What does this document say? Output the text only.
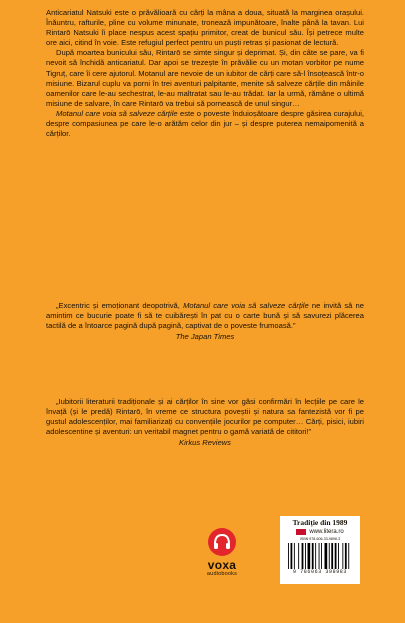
Anticariatul Natsuki este o prăvălioară cu cărți la mâna a doua, situată la marginea orașului. Înăuntru, rafturile, pline cu volume minunate, tronează impunătoare, înalte până la tavan. Lui Rintarō Natsuki îi place nespus acest spațiu primitor, creat de bunicul său. Își petrece multe ore aici, citind în voie. Este refugiul perfect pentru un puști retras și pasionat de lectură.

După moartea bunicului său, Rintarō se simte singur și deprimat. Și, din câte se pare, va fi nevoit să închidă anticariatul. Dar apoi se trezește în prăvălie cu un motan vorbitor pe nume Tigruț, care îi cere ajutorul. Motanul are nevoie de un iubitor de cărți care să-l însoțească într-o misiune. Bizarul cuplu va porni în trei aventuri palpitante, menite să salveze cărțile din mâinile oamenilor care le-au sechestrat, le-au maltratat sau le-au trădat. Iar la urmă, rămâne o ultimă misiune de salvare, în care Rintarō va trebui să pornească de unul singur…

Motanul care voia să salveze cărțile este o poveste înduioșătoare despre găsirea curajului, despre compasiunea pe care le-o arătăm celor din jur – și despre puterea nemaipomenită a cărților.

„Excentric și emoționant deopotrivă, Motanul care voia să salveze cărțile ne invită să ne amintim ce bucurie poate fi să te cuibărești în pat cu o carte bună și să savurezi plăcerea tactilă de a întoarce pagină după pagină, captivat de o poveste frumoasă.”

The Japan Times

„Iubitorii literaturii tradiționale și ai cărților în sine vor găsi confirmări în lecțiile pe care le învață (și le predă) Rintarō, în vreme ce structura poveștii și natura sa fantezistă vor fi pe gustul adolescenților, mai familiarizați cu convențiile jocurilor pe computer… Cărți, pisici, iubiri adolescentine și aventuri: un veritabil magnet pentru o gamă variată de cititori!”

Kirkus Reviews

voxa
audiobooks
Tradiție din 1989
www.litera.ro
ISBN 978-606-33-9898-3
9 786063 398983
